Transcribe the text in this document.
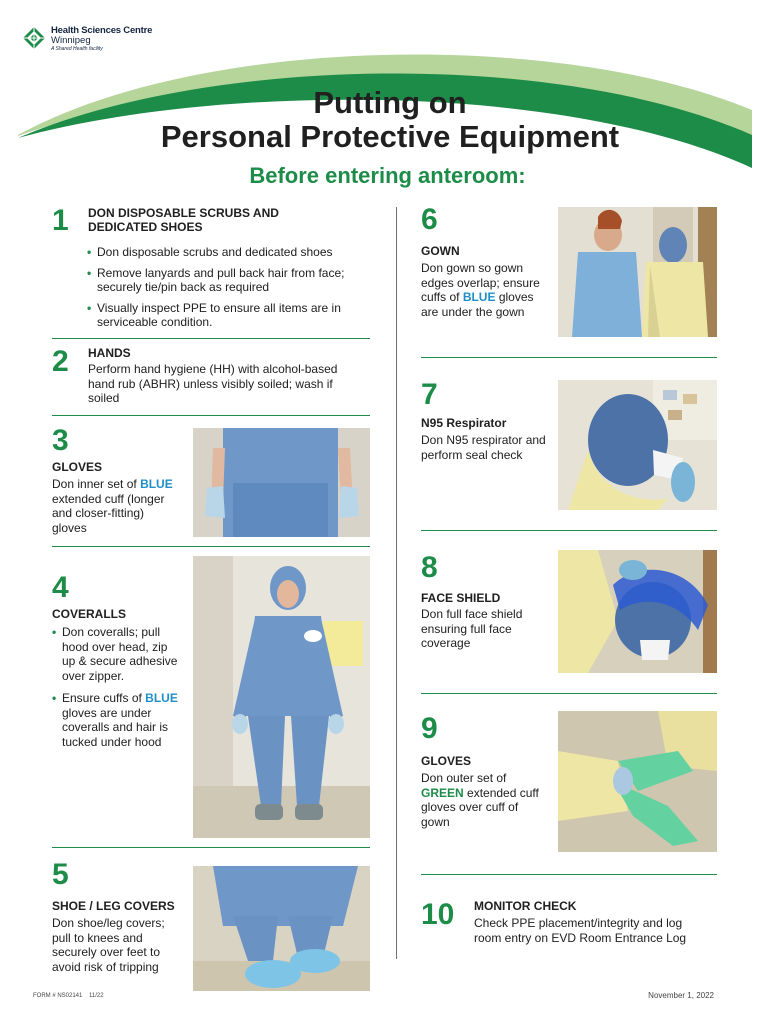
Health Sciences Centre
Winnipeg
A Shared Health facility
Putting on
Personal Protective Equipment
Before entering anteroom:
1 DON DISPOSABLE SCRUBS AND
DEDICATED SHOES
• Don disposable scrubs and dedicated shoes
• Remove lanyards and pull back hair from face; securely tie/pin back as required
• Visually inspect PPE to ensure all items are in serviceable condition.
2 HANDS
Perform hand hygiene (HH) with alcohol-based hand rub (ABHR) unless visibly soiled; wash if soiled
3
GLOVES
Don inner set of BLUE extended cuff (longer and closer-fitting) gloves
4
COVERALLS
• Don coveralls; pull hood over head, zip up & secure adhesive over zipper.
• Ensure cuffs of BLUE gloves are under coveralls and hair is tucked under hood
5
SHOE / LEG COVERS
Don shoe/leg covers; pull to knees and securely over feet to avoid risk of tripping
6
GOWN
Don gown so gown edges overlap; ensure cuffs of BLUE gloves are under the gown
7
N95 Respirator
Don N95 respirator and perform seal check
8
FACE SHIELD
Don full face shield ensuring full face coverage
9
GLOVES
Don outer set of GREEN extended cuff gloves over cuff of gown
10 MONITOR CHECK
Check PPE placement/integrity and log room entry on EVD Room Entrance Log
FORM # NS02141 11/22	November 1, 2022
